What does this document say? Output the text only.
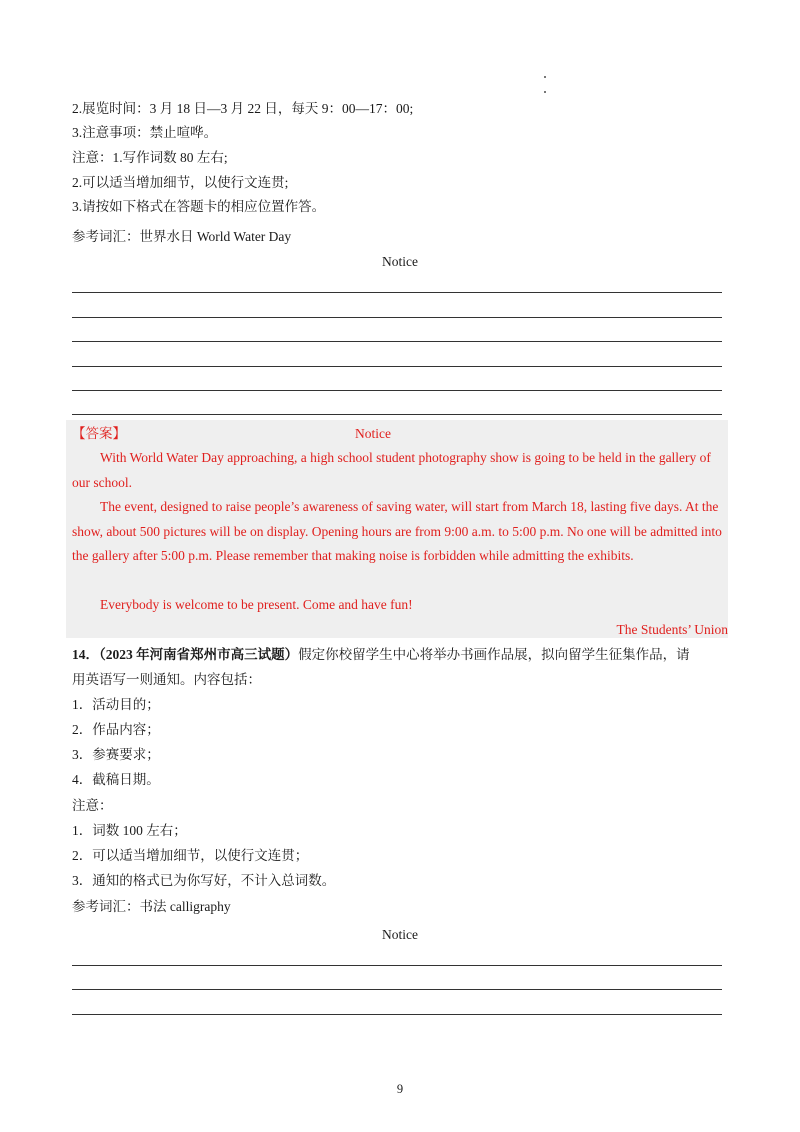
2.展览时间：3 月 18 日—3 月 22 日，每天 9：00—17：00;
3.注意事项：禁止喧哗。
注意：1.写作词数 80 左右;
2.可以适当增加细节，以使行文连贯;
3.请按如下格式在答题卡的相应位置作答。
参考词汇：世界水日 World Water Day
Notice
【答案】	Notice
With World Water Day approaching, a high school student photography show is going to be held in the gallery of our school.
The event, designed to raise people’s awareness of saving water, will start from March 18, lasting five days. At the show, about 500 pictures will be on display. Opening hours are from 9:00 a.m. to 5:00 p.m. No one will be admitted into the gallery after 5:00 p.m. Please remember that making noise is forbidden while admitting the exhibits.
Everybody is welcome to be present. Come and have fun!
The Students’ Union
14．（2023 年河南省郑州市高三试题）假定你校留学生中心将举办书画作品展，拟向留学生征集作品，请
用英语写一则通知。内容包括：
1．活动目的；
2．作品内容；
3．参赛要求；
4．截稿日期。
注意：
1．词数 100 左右；
2．可以适当增加细节，以使行文连贯；
3．通知的格式已为你写好，不计入总词数。
参考词汇：书法 calligraphy
Notice
9
